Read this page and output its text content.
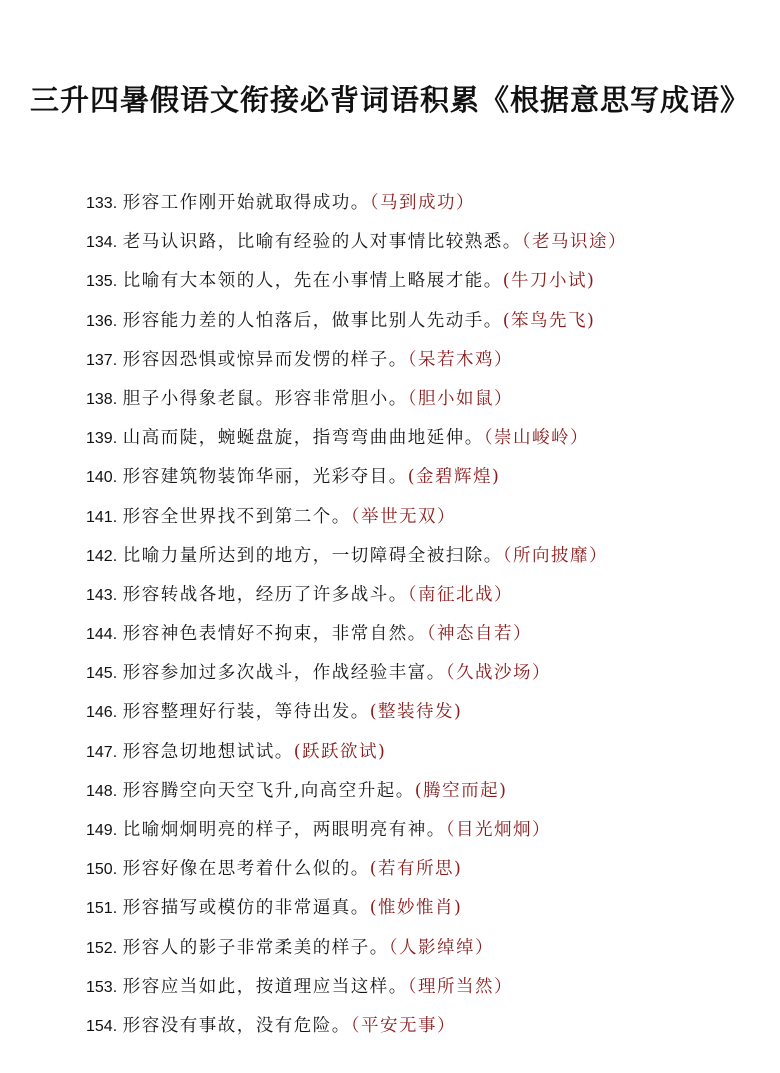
三升四暑假语文衔接必背词语积累《根据意思写成语》
133. 形容工作刚开始就取得成功。（马到成功）
134. 老马认识路，比喻有经验的人对事情比较熟悉。（老马识途）
135. 比喻有大本领的人，先在小事情上略展才能。(牛刀小试)
136. 形容能力差的人怕落后，做事比别人先动手。(笨鸟先飞)
137. 形容因恐惧或惊异而发愣的样子。（呆若木鸡）
138. 胆子小得象老鼠。形容非常胆小。（胆小如鼠）
139. 山高而陡，蜿蜒盘旋，指弯弯曲曲地延伸。（崇山峻岭）
140. 形容建筑物装饰华丽，光彩夺目。(金碧辉煌)
141. 形容全世界找不到第二个。（举世无双）
142. 比喻力量所达到的地方，一切障碍全被扫除。（所向披靡）
143. 形容转战各地，经历了许多战斗。（南征北战）
144. 形容神色表情好不拘束，非常自然。（神态自若）
145. 形容参加过多次战斗，作战经验丰富。（久战沙场）
146. 形容整理好行装，等待出发。(整装待发)
147. 形容急切地想试试。(跃跃欲试)
148. 形容腾空向天空飞升,向高空升起。(腾空而起)
149. 比喻炯炯明亮的样子，两眼明亮有神。（目光炯炯）
150. 形容好像在思考着什么似的。(若有所思)
151. 形容描写或模仿的非常逼真。(惟妙惟肖)
152. 形容人的影子非常柔美的样子。（人影绰绰）
153. 形容应当如此，按道理应当这样。（理所当然）
154. 形容没有事故，没有危险。（平安无事）
